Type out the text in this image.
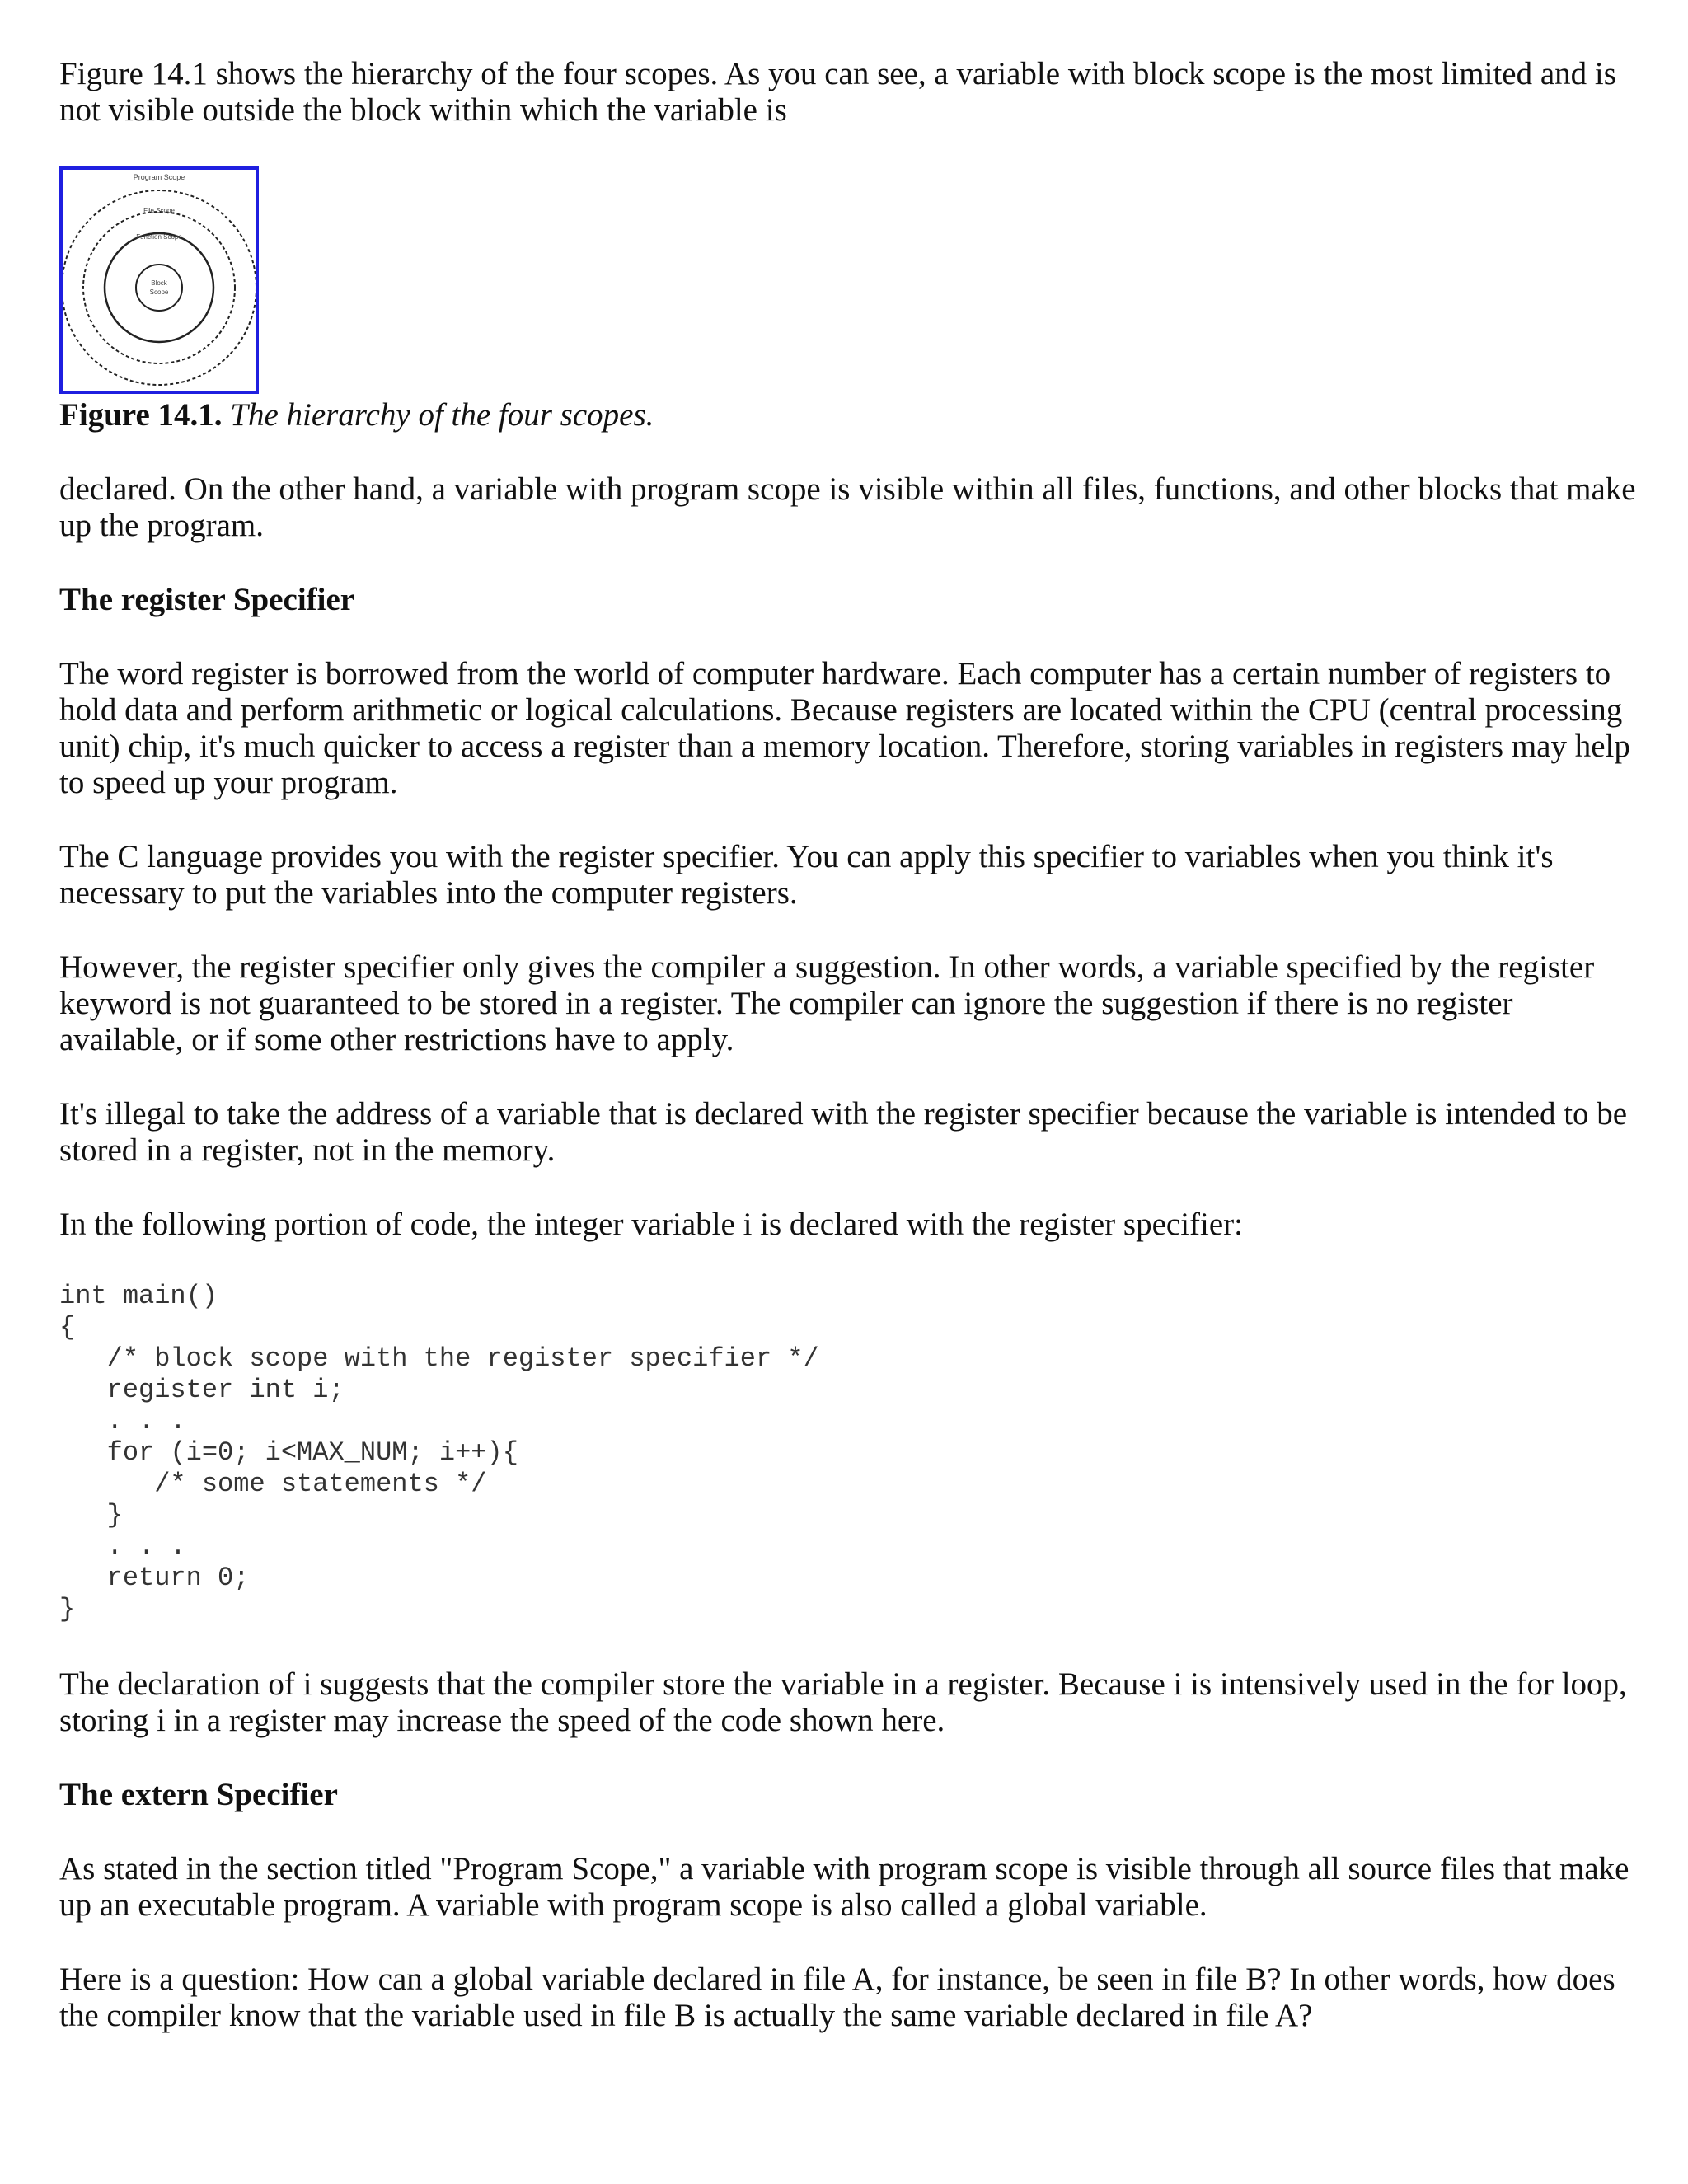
Figure 14.1 shows the hierarchy of the four scopes. As you can see, a variable with block scope is the most limited and is not visible outside the block within which the variable is

Program Scope
File Scope
Function Scope
Block
Scope
Figure 14.1. The hierarchy of the four scopes.

declared. On the other hand, a variable with program scope is visible within all files, functions, and other blocks that make up the program.

The register Specifier

The word register is borrowed from the world of computer hardware. Each computer has a certain number of registers to hold data and perform arithmetic or logical calculations. Because registers are located within the CPU (central processing unit) chip, it's much quicker to access a register than a memory location. Therefore, storing variables in registers may help to speed up your program.

The C language provides you with the register specifier. You can apply this specifier to variables when you think it's necessary to put the variables into the computer registers.

However, the register specifier only gives the compiler a suggestion. In other words, a variable specified by the register keyword is not guaranteed to be stored in a register. The compiler can ignore the suggestion if there is no register available, or if some other restrictions have to apply.

It's illegal to take the address of a variable that is declared with the register specifier because the variable is intended to be stored in a register, not in the memory.

In the following portion of code, the integer variable i is declared with the register specifier:

int main()
{
/* block scope with the register specifier */
register int i;
. . .
for (i=0; i<MAX_NUM; i++){
/* some statements */
}
. . .
return 0;
}

The declaration of i suggests that the compiler store the variable in a register. Because i is intensively used in the for loop, storing i in a register may increase the speed of the code shown here.

The extern Specifier

As stated in the section titled "Program Scope," a variable with program scope is visible through all source files that make up an executable program. A variable with program scope is also called a global variable.

Here is a question: How can a global variable declared in file A, for instance, be seen in file B? In other words, how does the compiler know that the variable used in file B is actually the same variable declared in file A?
